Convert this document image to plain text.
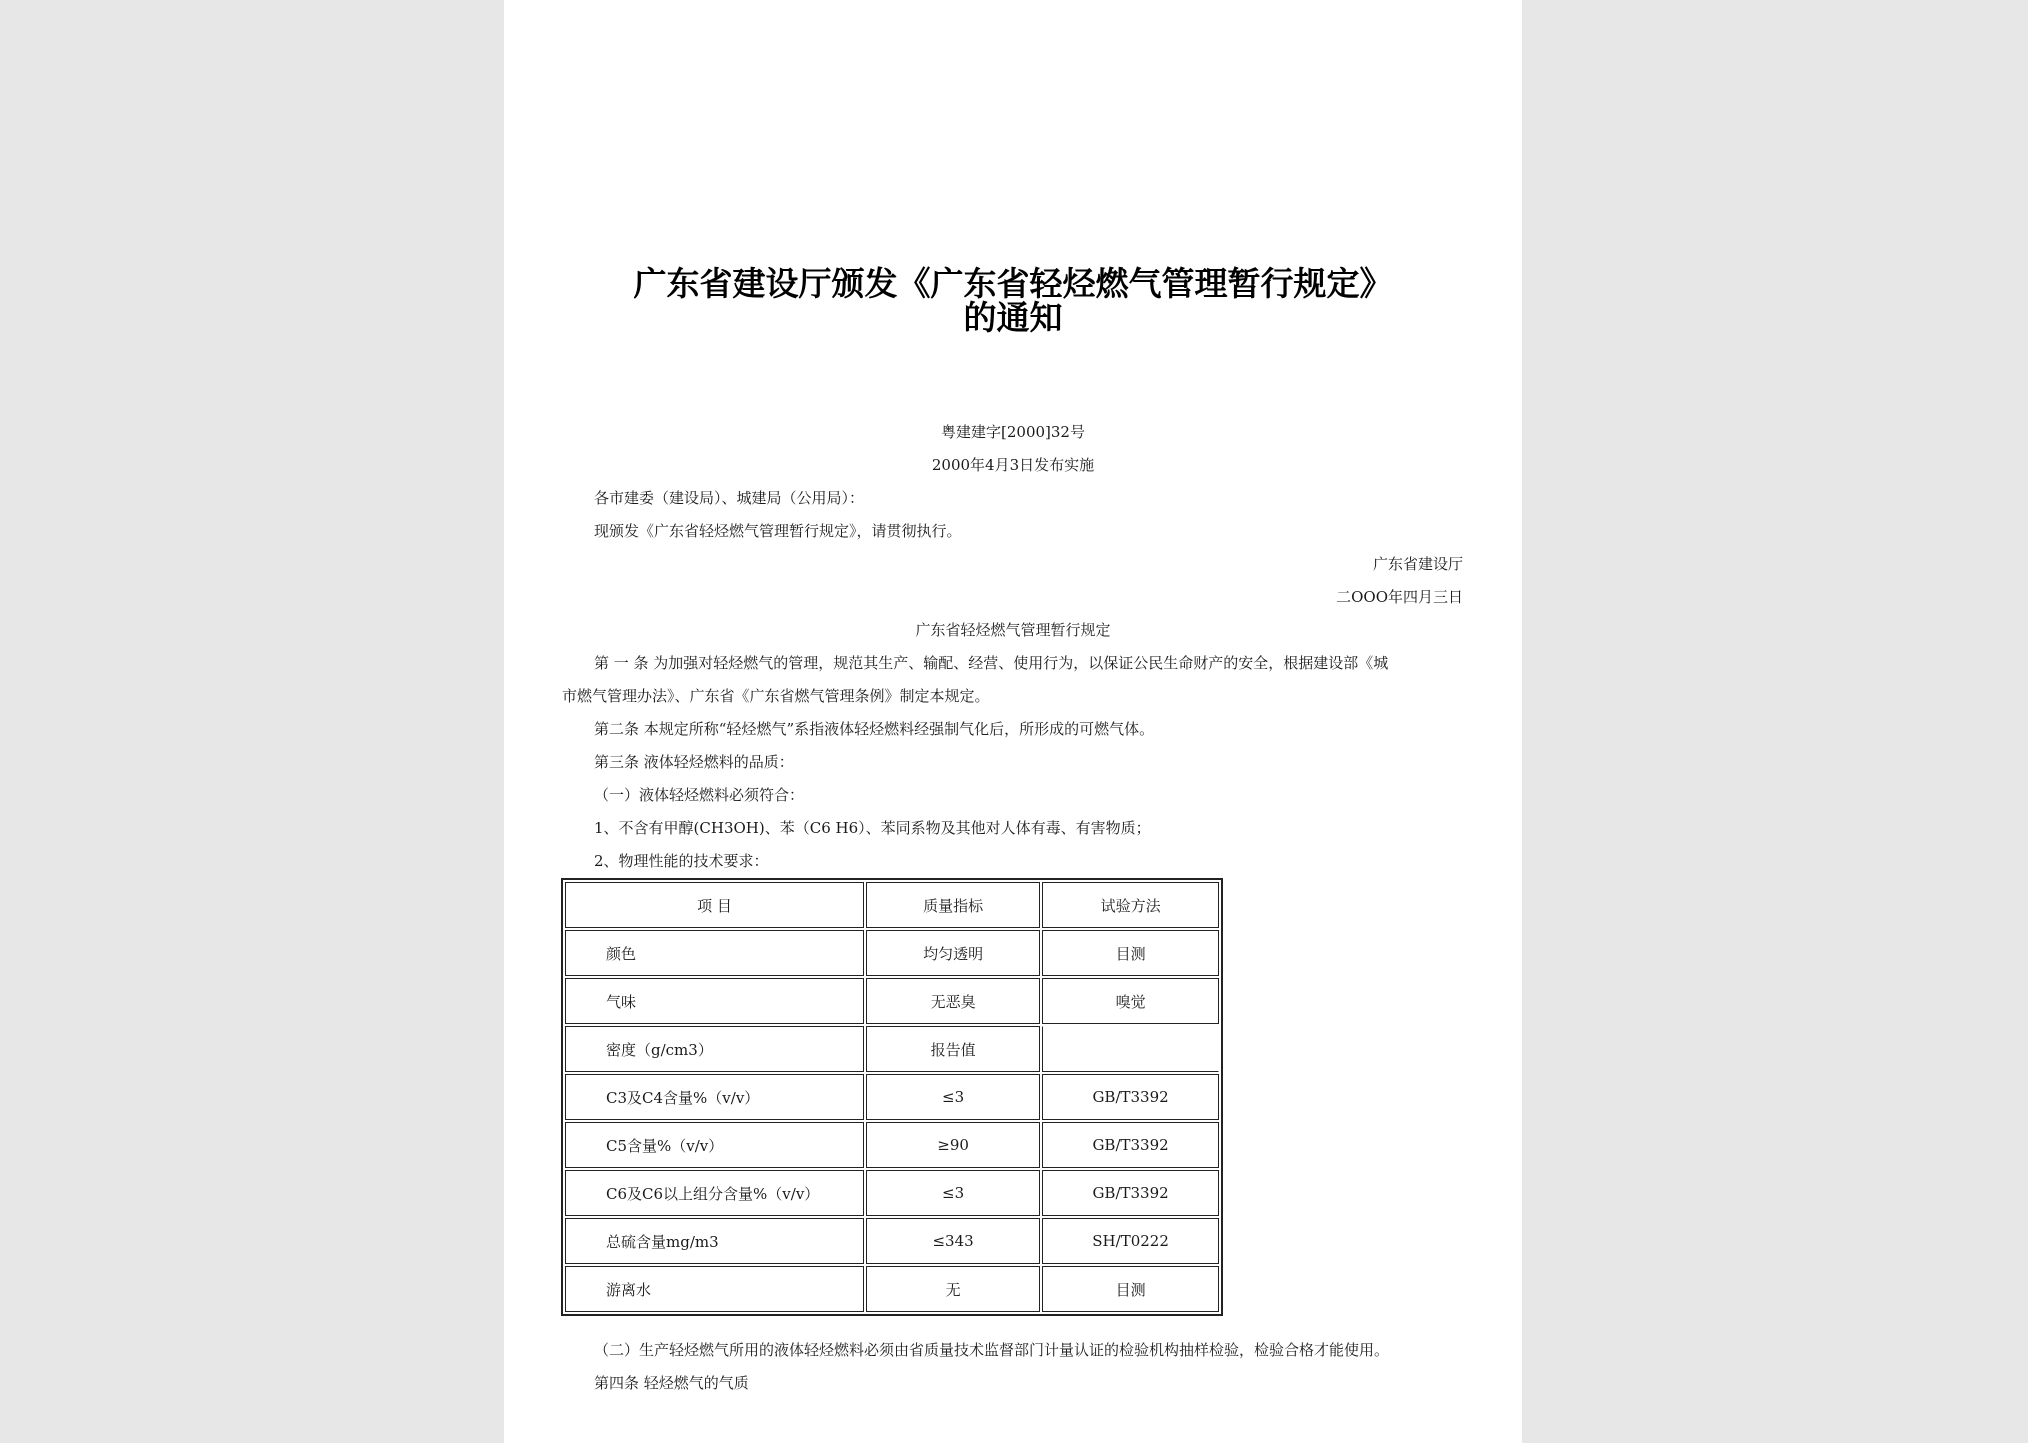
广东省建设厅颁发《广东省轻烃燃气管理暂行规定》
的通知
粤建建字[2000]32号
2000年4月3日发布实施
各市建委（建设局）、城建局（公用局）：
现颁发《广东省轻烃燃气管理暂行规定》，请贯彻执行。
广东省建设厅
二OOO年四月三日
广东省轻烃燃气管理暂行规定
第 一 条 为加强对轻烃燃气的管理，规范其生产、输配、经营、使用行为，以保证公民生命财产的安全，根据建设部《城
市燃气管理办法》、广东省《广东省燃气管理条例》制定本规定。
第二条 本规定所称“轻烃燃气”系指液体轻烃燃料经强制气化后，所形成的可燃气体。
第三条 液体轻烃燃料的品质：
（一）液体轻烃燃料必须符合：
1、不含有甲醇(CH3OH)、苯（C6 H6）、苯同系物及其他对人体有毒、有害物质；
2、物理性能的技术要求：
项 目	质量指标	试验方法
颜色	均匀透明	目测
气味	无恶臭	嗅觉
密度（g/cm3）	报告值	
C3及C4含量%（v/v）	≤3	GB/T3392
C5含量%（v/v）	≥90	GB/T3392
C6及C6以上组分含量%（v/v）	≤3	GB/T3392
总硫含量mg/m3	≤343	SH/T0222
游离水	无	目测
（二）生产轻烃燃气所用的液体轻烃燃料必须由省质量技术监督部门计量认证的检验机构抽样检验，检验合格才能使用。
第四条 轻烃燃气的气质
